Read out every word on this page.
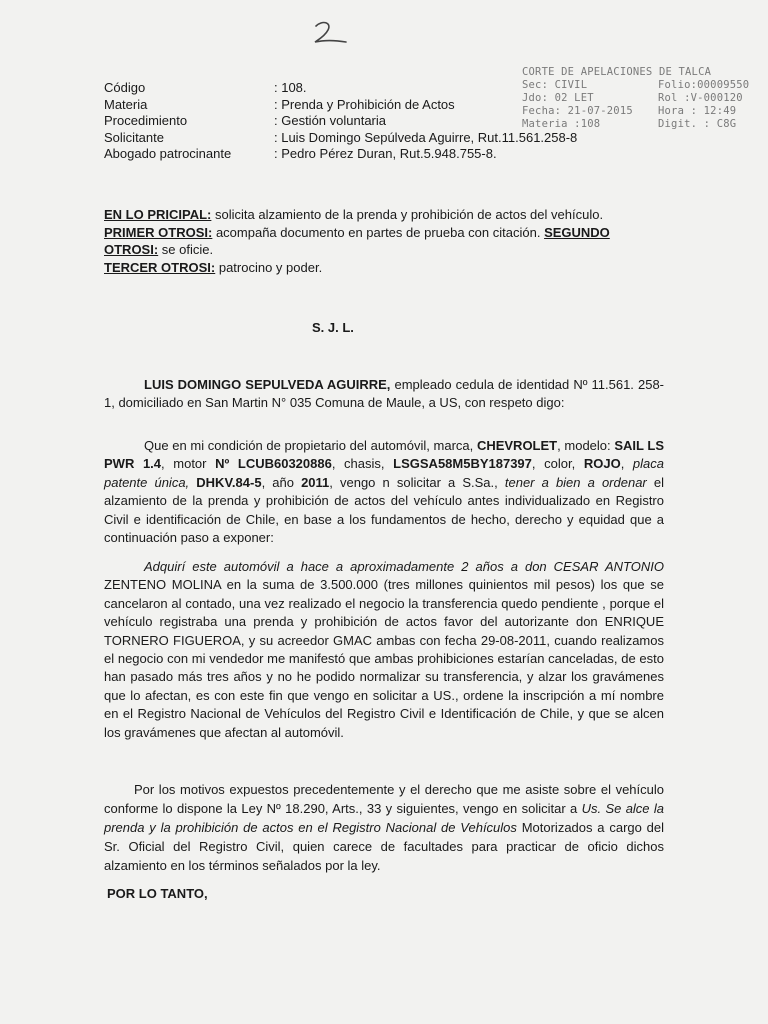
CORTE DE APELACIONES DE TALCA
Sec: CIVIL	Folio:00009550
Jdo: 02 LET	Rol :V-000120
Fecha: 21-07-2015	Hora : 12:49
Materia :108	Digit. : C8G
Código	: 108.
Materia	: Prenda y Prohibición de Actos
Procedimiento	: Gestión voluntaria
Solicitante	: Luis Domingo Sepúlveda Aguirre, Rut.11.561.258-8
Abogado patrocinante	: Pedro Pérez Duran, Rut.5.948.755-8.
EN LO PRICIPAL: solicita alzamiento de la prenda y prohibición de actos del vehículo.
PRIMER OTROSI: acompaña documento en partes de prueba con citación. SEGUNDO OTROSI: se oficie.
TERCER OTROSI: patrocino y poder.
S. J. L.
LUIS DOMINGO SEPULVEDA AGUIRRE, empleado cedula de identidad Nº 11.561. 258-1, domiciliado en San Martin N° 035 Comuna de Maule, a US, con respeto digo:
Que en mi condición de propietario del automóvil, marca, CHEVROLET, modelo: SAIL LS PWR 1.4, motor Nº LCUB60320886, chasis, LSGSA58M5BY187397, color, ROJO, placa patente única, DHKV.84-5, año 2011, vengo n solicitar a S.Sa., tener a bien a ordenar el alzamiento de la prenda y prohibición de actos del vehículo antes individualizado en Registro Civil e identificación de Chile, en base a los fundamentos de hecho, derecho y equidad que a continuación paso a exponer:
Adquirí este automóvil a hace a aproximadamente 2 años a don CESAR ANTONIO ZENTENO MOLINA en la suma de 3.500.000 (tres millones quinientos mil pesos) los que se cancelaron al contado, una vez realizado el negocio la transferencia quedo pendiente , porque el vehículo registraba una prenda y prohibición de actos favor del autorizante don ENRIQUE TORNERO FIGUEROA, y su acreedor GMAC ambas con fecha 29-08-2011, cuando realizamos el negocio con mi vendedor me manifestó que ambas prohibiciones estarían canceladas, de esto han pasado más tres años y no he podido normalizar su transferencia, y alzar los gravámenes que lo afectan, es con este fin que vengo en solicitar a US., ordene la inscripción a mí nombre en el Registro Nacional de Vehículos del Registro Civil e Identificación de Chile, y que se alcen los gravámenes que afectan al automóvil.
Por los motivos expuestos precedentemente y el derecho que me asiste sobre el vehículo conforme lo dispone la Ley Nº 18.290, Arts., 33 y siguientes, vengo en solicitar a Us. Se alce la prenda y la prohibición de actos en el Registro Nacional de Vehículos Motorizados a cargo del Sr. Oficial del Registro Civil, quien carece de facultades para practicar de oficio dichos alzamiento en los términos señalados por la ley.
POR LO TANTO,
